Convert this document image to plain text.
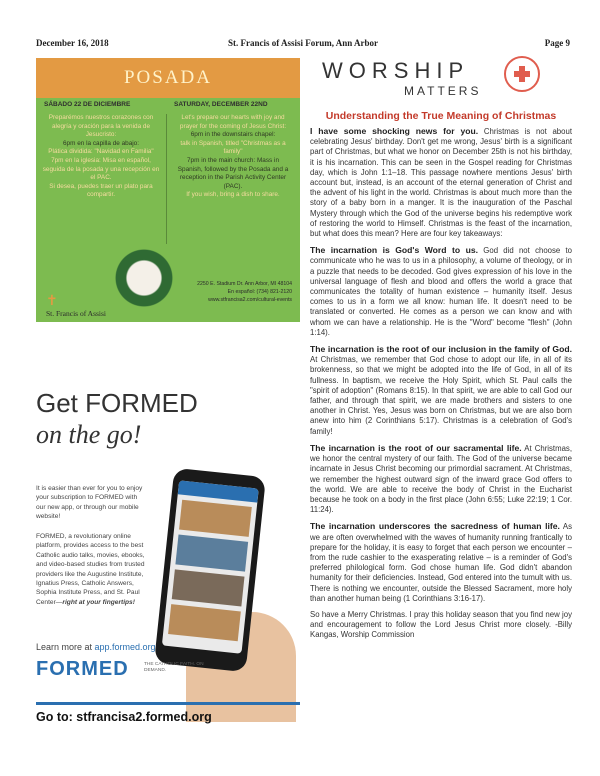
December 16, 2018	St. Francis of Assisi Forum, Ann Arbor	Page 9
POSADA
SÁBADO 22 DE DICIEMBRE	SATURDAY, DECEMBER 22ND
Preparémos nuestros corazones con alegría y oración para la venida de Jesucristo:
6pm en la capilla de abajo:
Plática dividida: "Navidad en Familia"
7pm en la iglesia: Misa en español, seguida de la posada y una recepción en el PAC.
Si desea, puedes traer un plato para compartir.
Let's prepare our hearts with joy and prayer for the coming of Jesus Christ:
6pm in the downstairs chapel:
talk in Spanish, titled "Christmas as a family"
7pm in the main church: Mass in Spanish, followed by the Posada and a reception in the Parish Activity Center (PAC).
If you wish, bring a dish to share.
✝
St. Francis of Assisi
2250 E. Stadium Dr. Ann Arbor, MI 48104
En español: (734) 821-2120
www.stfrancisa2.com/cultural-events
Get FORMED
on the go!
It is easier than ever for you to enjoy your subscription to FORMED with our new app, or through our mobile website!
FORMED, a revolutionary online platform, provides access to the best Catholic audio talks, movies, ebooks, and video-based studies from trusted providers like the Augustine Institute, Ignatius Press, Catholic Answers, Sophia Institute Press, and St. Paul Center—right at your fingertips!
Learn more at app.formed.org
FORMED	THE CATHOLIC FAITH. ON DEMAND.
Go to: stfrancisa2.formed.org
WORSHIP
MATTERS
Understanding the True Meaning of Christmas

I have some shocking news for you. Christmas is not about celebrating Jesus' birthday. Don't get me wrong, Jesus' birth is a significant part of Christmas, but what we honor on December 25th is not his birthday, it is his incarnation. This can be seen in the Gospel reading for Christmas day, which is John 1:1–18. This passage nowhere mentions Jesus' birth account but, instead, is an account of the eternal generation of Christ and the advent of his light in the world. Christmas is about much more than the story of a baby born in a manger. It is the inauguration of the Paschal Mystery through which the God of the universe begins his redemptive work of restoring the world to Himself. Christmas is the feast of the incarnation, but what does this mean? Here are four key takeaways:

The incarnation is God's Word to us. God did not choose to communicate who he was to us in a philosophy, a volume of theology, or in a puzzle that needs to be decoded. God gives expression of his love in the universal language of flesh and blood and offers the world a grace that communicates the totality of human existence – humanity itself. Jesus comes to us in a form we all know: human life. It doesn't need to be translated or converted. He comes as a person we can know and with whom we can have a relationship. He is the "Word" become "flesh" (John 1:14).

The incarnation is the root of our inclusion in the family of God. At Christmas, we remember that God chose to adopt our life, in all of its brokenness, so that we might be adopted into the life of God, in all of its fullness. In baptism, we receive the Holy Spirit, which St. Paul calls the "spirit of adoption" (Romans 8:15). In that spirit, we are able to call God our father, and through that spirit, we are made brothers and sisters to one another in Christ. Yes, Jesus was born on Christmas, but we are also born anew into him (2 Corinthians 5:17). Christmas is a celebration of God's family!

The incarnation is the root of our sacramental life. At Christmas, we honor the central mystery of our faith. The God of the universe became incarnate in Jesus Christ becoming our primordial sacrament. At Christmas, we remember the highest outward sign of the inward grace God offers to the world. We are able to receive the body of Christ in the Eucharist because he took on a body in the first place (John 6:55; Luke 22:19; 1 Cor. 11:24).

The incarnation underscores the sacredness of human life. As we are often overwhelmed with the waves of humanity running frantically to prepare for the holiday, it is easy to forget that each person we encounter – from the rude cashier to the exasperating relative – is a reminder of God's preferred philological form. God chose human life. God didn't abandon humanity for their deficiencies. Instead, God entered into the tumult with us. There is nothing we encounter, outside the Blessed Sacrament, more holy than another human being (1 Corinthians 3:16-17).

So have a Merry Christmas. I pray this holiday season that you find new joy and encouragement to follow the Lord Jesus Christ more closely. -Billy Kangas, Worship Commission
